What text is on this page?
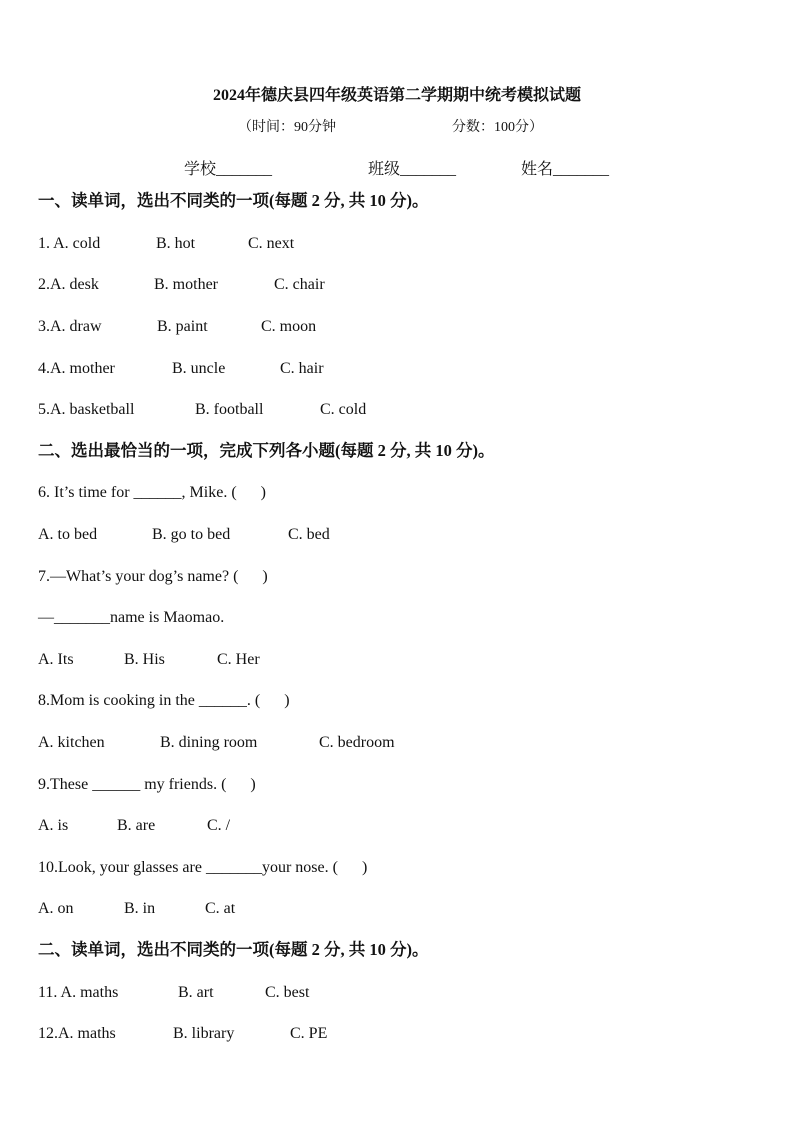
2024年德庆县四年级英语第二学期期中统考模拟试题
（时间：90分钟	分数：100分）
学校_______	班级_______	姓名_______
一、读单词，选出不同类的一项(每题 2 分, 共 10 分)。
1. A. cold	B. hot	C. next
2.A. desk	B. mother	C. chair
3.A. draw	B. paint	C. moon
4.A. mother	B. uncle	C. hair
5.A. basketball	B. football	C. cold
二、选出最恰当的一项，完成下列各小题(每题 2 分, 共 10 分)。
6. It’s time for ______, Mike. (      )
A. to bed	B. go to bed	C. bed
7.—What’s your dog’s name? (      )
—_______name is Maomao.
A. Its	B. His	C. Her
8.Mom is cooking in the ______. (      )
A. kitchen	B. dining room	C. bedroom
9.These ______ my friends. (      )
A. is	B. are	C. /
10.Look, your glasses are _______your nose. (      )
A. on	B. in	C. at
二、读单词，选出不同类的一项(每题 2 分, 共 10 分)。
11. A. maths	B. art	C. best
12.A. maths	B. library	C. PE
